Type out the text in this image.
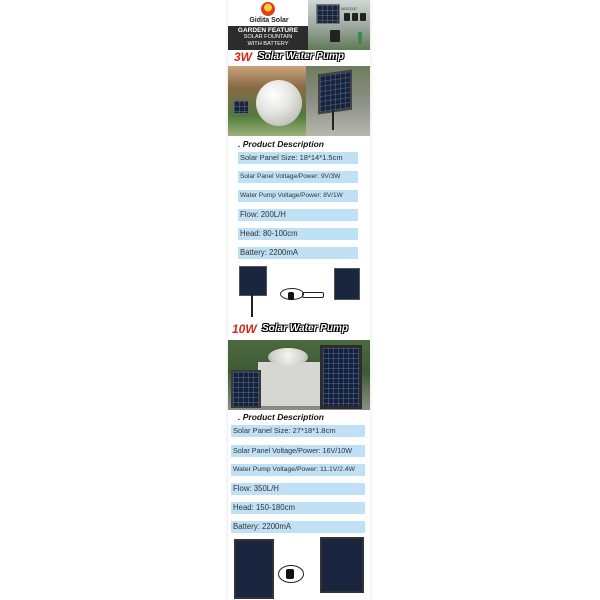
Gidita Solar
GARDEN FEATURE
SOLAR FOUNTAIN
WITH BATTERY
NOZZLE
3W Solar Water Pump
. Product Description
Solar Panel Size: 18*14*1.5cm
Solar Panel Voltage/Power: 9V/3W
Water Pump Voltage/Power: 8V/1W
Flow: 200L/H
Head: 80-100cm
Battery: 2200mA
10W Solar Water Pump
. Product Description
Solar Panel Size: 27*18*1.8cm
Solar Panel Voltage/Power: 16V/10W
Water Pump Voltage/Power: 11.1V/2.4W
Flow: 350L/H
Head: 150-180cm
Battery: 2200mA
